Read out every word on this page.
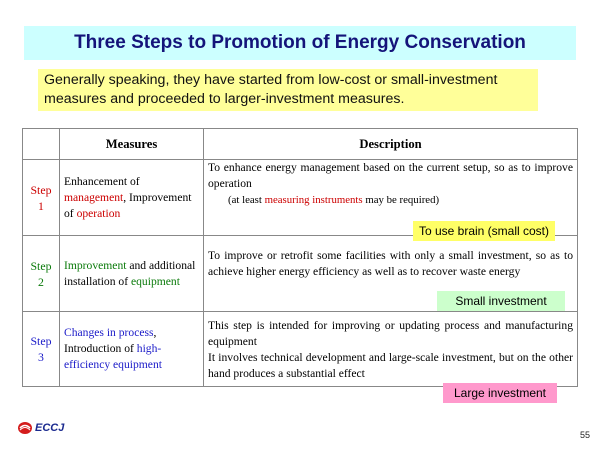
Three Steps to Promotion of Energy Conservation
Generally speaking, they have started from low-cost or small-investment measures and proceeded to larger-investment measures.
	Measures	Description
Step
1	Enhancement of management, Improvement of operation	To enhance energy management based on the current setup, so as to improve operation
(at least measuring instruments may be required)

Step
2	Improvement and additional installation of equipment	To improve or retrofit some facilities with only a small investment, so as to achieve higher energy efficiency as well as to recover waste energy
Step
3	Changes in process, Introduction of high-efficiency equipment	This step is intended for improving or updating process and manufacturing equipment
It involves technical development and large-scale investment, but on the other hand produces a substantial effect
To use brain (small cost)
Small investment
Large investment
ECCJ
55
